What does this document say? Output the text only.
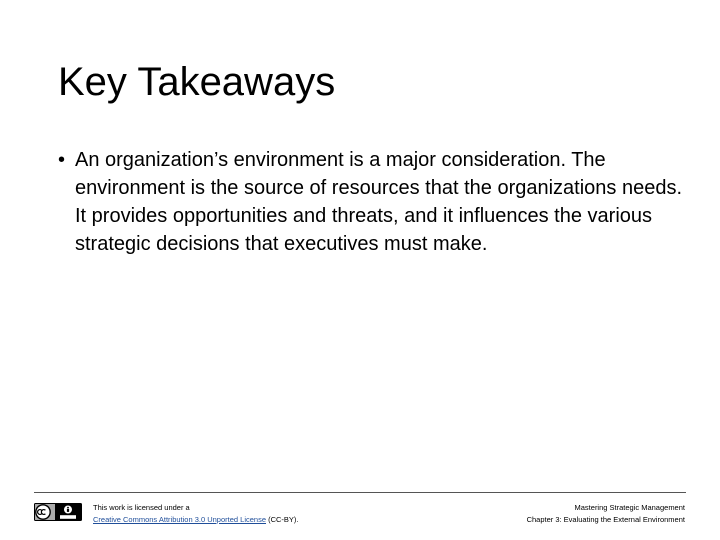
Key Takeaways
• An organization’s environment is a major consideration. The environment is the source of resources that the organizations needs. It provides opportunities and threats, and it influences the various strategic decisions that executives must make.
This work is licensed under a
Creative Commons Attribution 3.0 Unported License (CC-BY).
Mastering Strategic Management
Chapter 3: Evaluating the External Environment
